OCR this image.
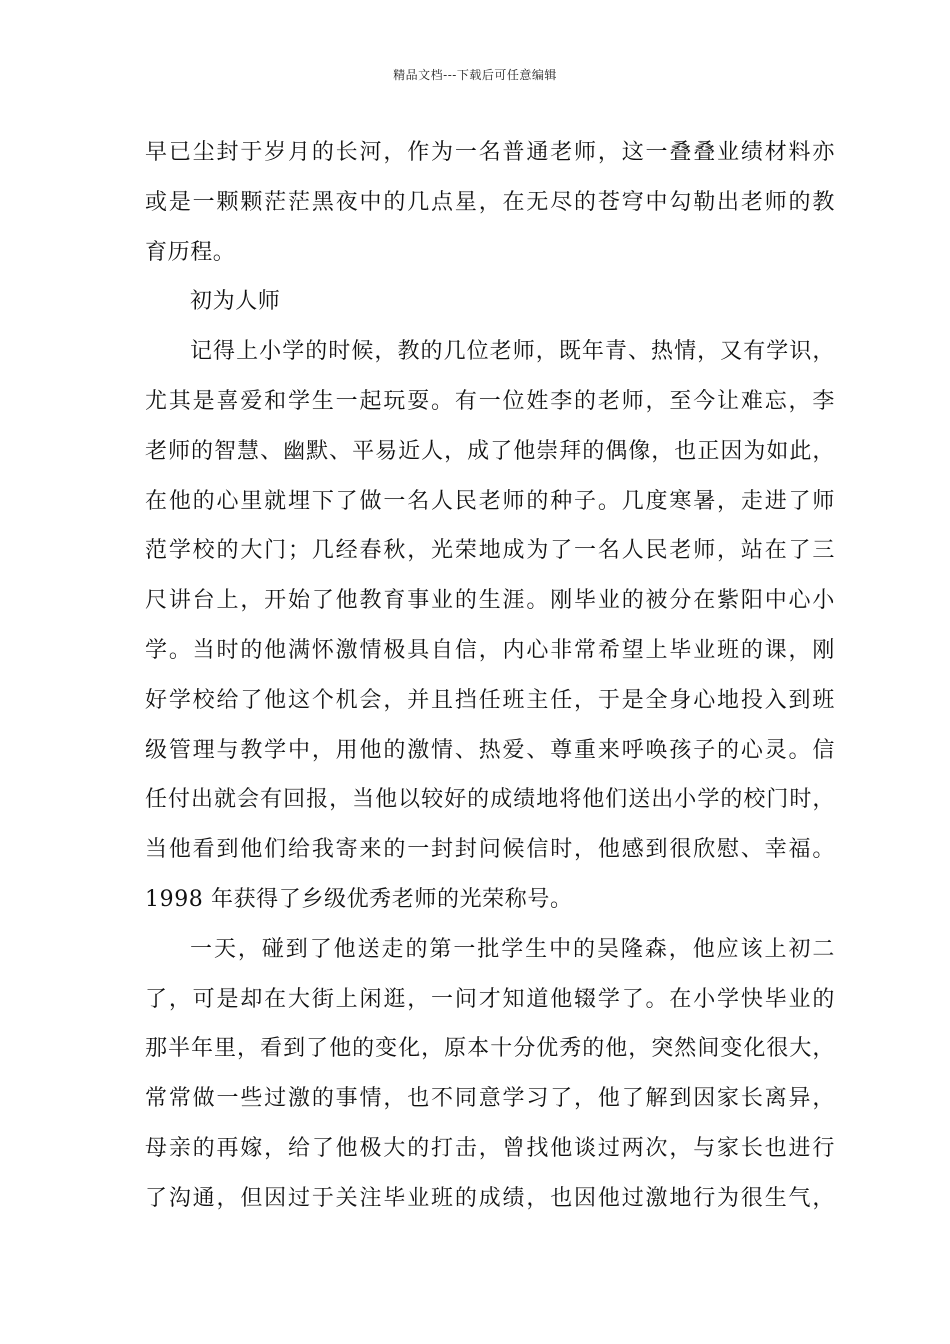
精品文档---下载后可任意编辑
早已尘封于岁月的长河，作为一名普通老师，这一叠叠业绩材料亦
或是一颗颗茫茫黑夜中的几点星，在无尽的苍穹中勾勒出老师的教
育历程。
初为人师
记得上小学的时候，教的几位老师，既年青、热情，又有学识，
尤其是喜爱和学生一起玩耍。有一位姓李的老师，至今让难忘，李
老师的智慧、幽默、平易近人，成了他崇拜的偶像，也正因为如此，
在他的心里就埋下了做一名人民老师的种子。几度寒暑，走进了师
范学校的大门；几经春秋，光荣地成为了一名人民老师，站在了三
尺讲台上，开始了他教育事业的生涯。刚毕业的被分在紫阳中心小
学。当时的他满怀激情极具自信，内心非常希望上毕业班的课，刚
好学校给了他这个机会，并且挡任班主任，于是全身心地投入到班
级管理与教学中，用他的激情、热爱、尊重来呼唤孩子的心灵。信
任付出就会有回报，当他以较好的成绩地将他们送出小学的校门时，
当他看到他们给我寄来的一封封问候信时，他感到很欣慰、幸福。
1998 年获得了乡级优秀老师的光荣称号。
一天，碰到了他送走的第一批学生中的吴隆森，他应该上初二
了，可是却在大街上闲逛，一问才知道他辍学了。在小学快毕业的
那半年里，看到了他的变化，原本十分优秀的他，突然间变化很大，
常常做一些过激的事情，也不同意学习了，他了解到因家长离异，
母亲的再嫁，给了他极大的打击，曾找他谈过两次，与家长也进行
了沟通，但因过于关注毕业班的成绩，也因他过激地行为很生气，
